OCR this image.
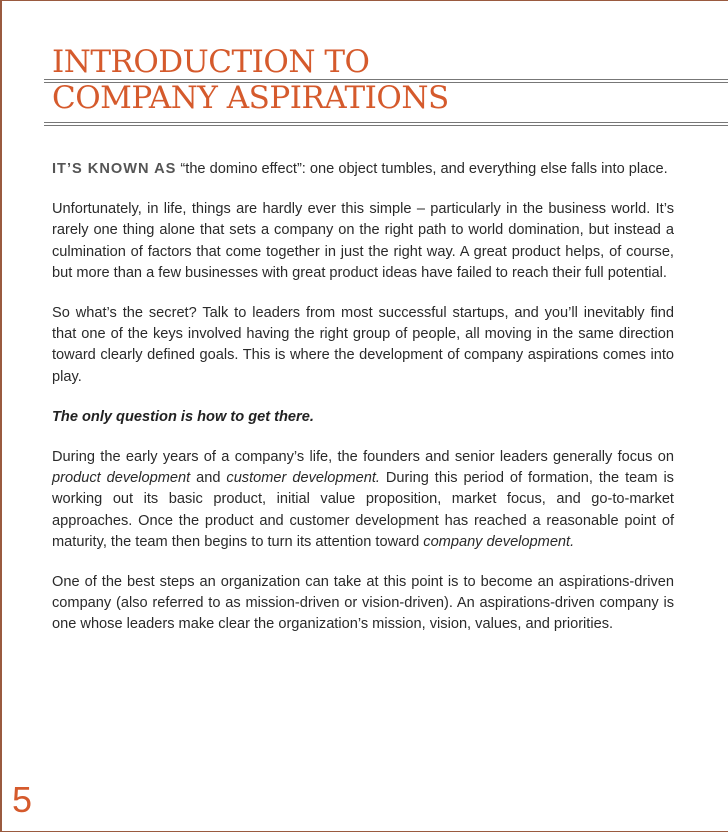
INTRODUCTION TO
COMPANY ASPIRATIONS

IT’S KNOWN AS “the domino effect”: one object tumbles, and everything else falls into place.

Unfortunately, in life, things are hardly ever this simple – particularly in the business world. It’s rarely one thing alone that sets a company on the right path to world domination, but instead a culmination of factors that come together in just the right way. A great product helps, of course, but more than a few businesses with great product ideas have failed to reach their full potential.

So what’s the secret? Talk to leaders from most successful startups, and you’ll inevitably find that one of the keys involved having the right group of people, all moving in the same direction toward clearly defined goals. This is where the development of company aspirations comes into play.

The only question is how to get there.

During the early years of a company’s life, the founders and senior leaders generally focus on product development and customer development. During this period of formation, the team is working out its basic product, initial value proposition, market focus, and go-to-market approaches. Once the product and customer development has reached a reasonable point of maturity, the team then begins to turn its attention toward company development.

One of the best steps an organization can take at this point is to become an aspirations-driven company (also referred to as mission-driven or vision-driven). An aspirations-driven company is one whose leaders make clear the organization’s mission, vision, values, and priorities.

5
